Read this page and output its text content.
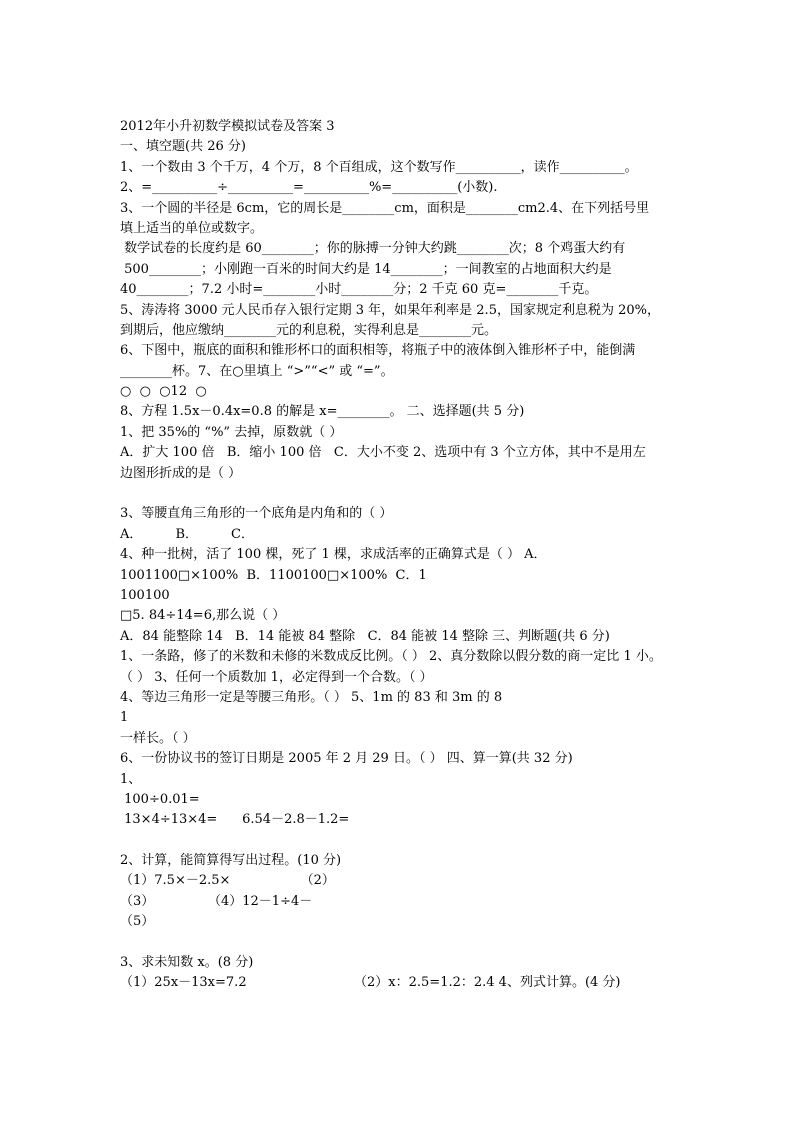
2012年小升初数学模拟试卷及答案 3
一、填空题(共 26 分)
1、一个数由 3 个千万，4 个万，8 个百组成，这个数写作__________，读作__________。
2、=__________÷__________=__________%=__________(小数).
3、一个圆的半径是 6cm，它的周长是________cm，面积是________cm2.4、在下列括号里
填上适当的单位或数字。
数学试卷的长度约是 60________；你的脉搏一分钟大约跳________次；8 个鸡蛋大约有
500________；小刚跑一百米的时间大约是 14________；一间教室的占地面积大约是
40________；7.2 小时=________小时________分；2 千克 60 克=________千克。
5、涛涛将 3000 元人民币存入银行定期 3 年，如果年利率是 2.5，国家规定利息税为 20%，
到期后，他应缴纳________元的利息税，实得利息是________元。
6、下图中，瓶底的面积和锥形杯口的面积相等，将瓶子中的液体倒入锥形杯子中，能倒满
________杯。7、在○里填上 “>”“<” 或 “=”。
○  ○  ○12  ○
8、方程 1.5x－0.4x=0.8 的解是 x=________。 二、选择题(共 5 分)
1、把 35%的 “%” 去掉，原数就（ ）
A．扩大 100 倍   B．缩小 100 倍   C．大小不变 2、选项中有 3 个立方体，其中不是用左
边图形折成的是（ ）
3、等腰直角三角形的一个底角是内角和的（ ）
A．        B．        C．
4、种一批树，活了 100 棵，死了 1 棵，求成活率的正确算式是（ ） A．
1001100□×100%  B．1100100□×100%  C．1
100100
□5. 84÷14=6,那么说（ ）
A．84 能整除 14   B．14 能被 84 整除   C．84 能被 14 整除 三、判断题(共 6 分)
1、一条路，修了的米数和未修的米数成反比例。（ ） 2、真分数除以假分数的商一定比 1 小。
（ ） 3、任何一个质数加 1，必定得到一个合数。（ ）
4、等边三角形一定是等腰三角形。（ ） 5、1m 的 83 和 3m 的 8
1
一样长。（ ）
6、一份协议书的签订日期是 2005 年 2 月 29 日。（ ） 四、算一算(共 32 分)
1、
100÷0.01=
13×4÷13×4=      6.54－2.8－1.2=
2、计算，能简算得写出过程。(10 分)
（1）7.5×－2.5×                 （2）
（3）             （4）12－1÷4－
（5）
3、求未知数 x。(8 分)
（1）25x－13x=7.2                          （2）x：2.5=1.2：2.4 4、列式计算。(4 分)
